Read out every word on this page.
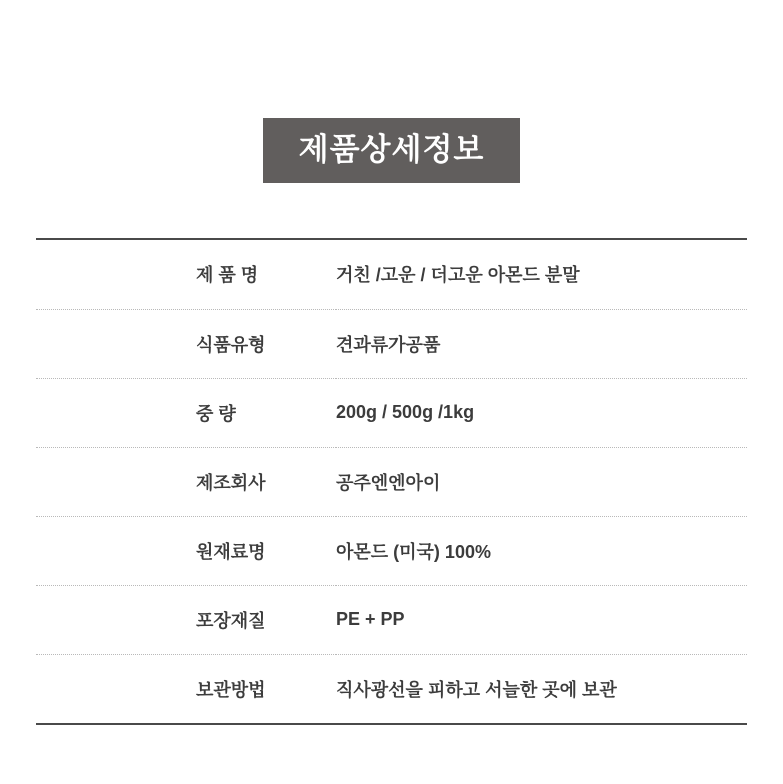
제품상세정보
제 품 명	거친 /고운 / 더고운 아몬드 분말
식품유형	견과류가공품
중 량	200g / 500g /1kg
제조회사	공주엔엔아이
원재료명	아몬드 (미국) 100%
포장재질	PE + PP
보관방법	직사광선을 피하고 서늘한 곳에 보관
